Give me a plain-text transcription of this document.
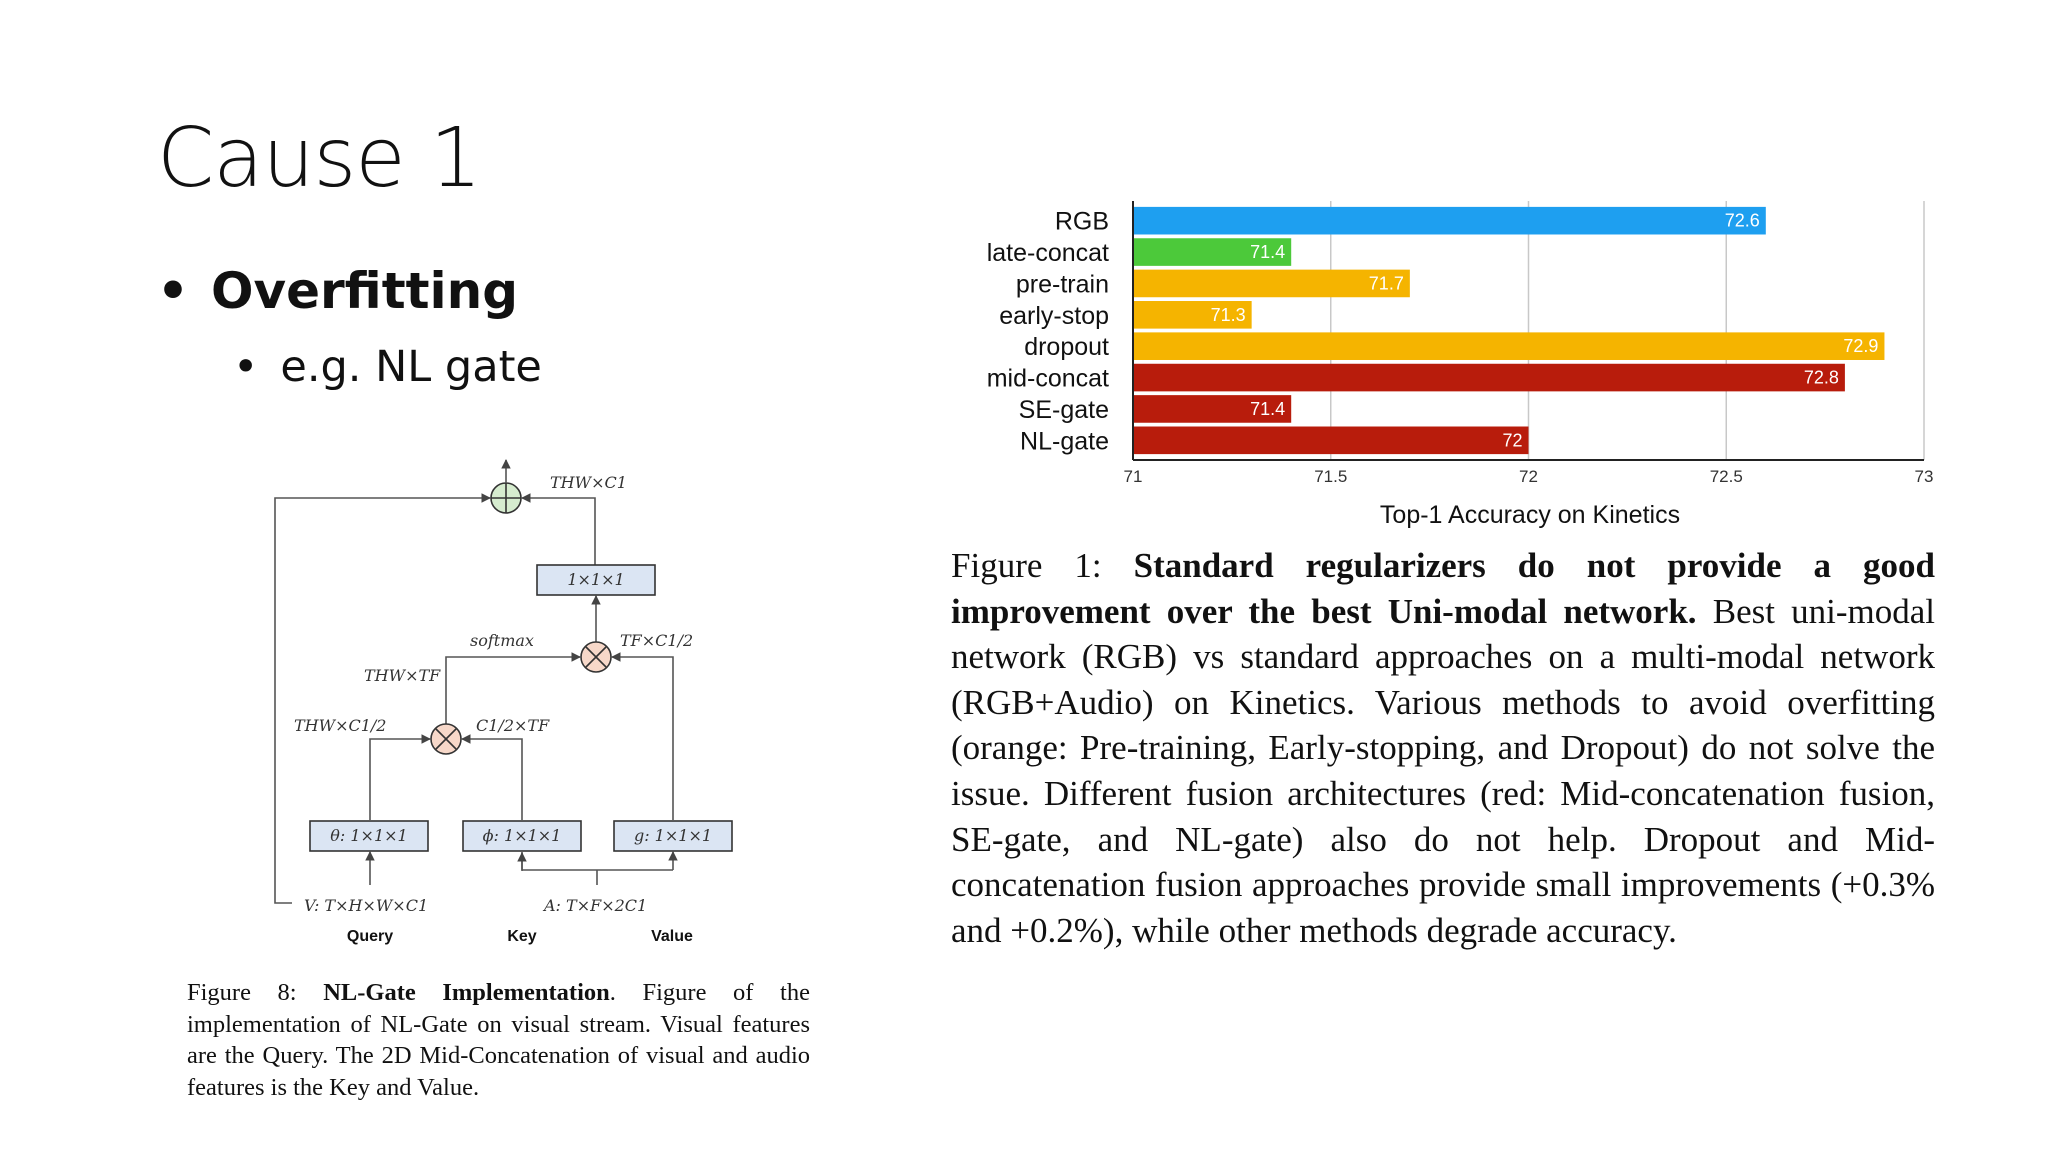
Cause 1
• Overfitting
• e.g. NL gate
THW×C1
1×1×1
softmax	TF×C1/2
THW×TF
THW×C1/2	C1/2×TF
θ: 1×1×1	ϕ: 1×1×1	g: 1×1×1
V: T×H×W×C1	A: T×F×2C1
Query	Key	Value
Figure 8: NL-Gate Implementation. Figure of the implementation of NL-Gate on visual stream. Visual features are the Query. The 2D Mid-Concatenation of visual and audio features is the Key and Value.
71	71.5	72	72.5	73
RGB	72.6
late-concat	71.4
pre-train	71.7
early-stop	71.3
dropout	72.9
mid-concat	72.8
SE-gate	71.4
NL-gate	72
Top-1 Accuracy on Kinetics
Figure 1: Standard regularizers do not provide a good improvement over the best Uni-modal network. Best uni-modal network (RGB) vs standard approaches on a multi-modal network (RGB+Audio) on Kinetics. Various methods to avoid overfitting (orange: Pre-training, Early-stopping, and Dropout) do not solve the issue. Different fusion architectures (red: Mid-concatenation fusion, SE-gate, and NL-gate) also do not help. Dropout and Mid-concatenation fusion approaches provide small improvements (+0.3% and +0.2%), while other methods degrade accuracy.
